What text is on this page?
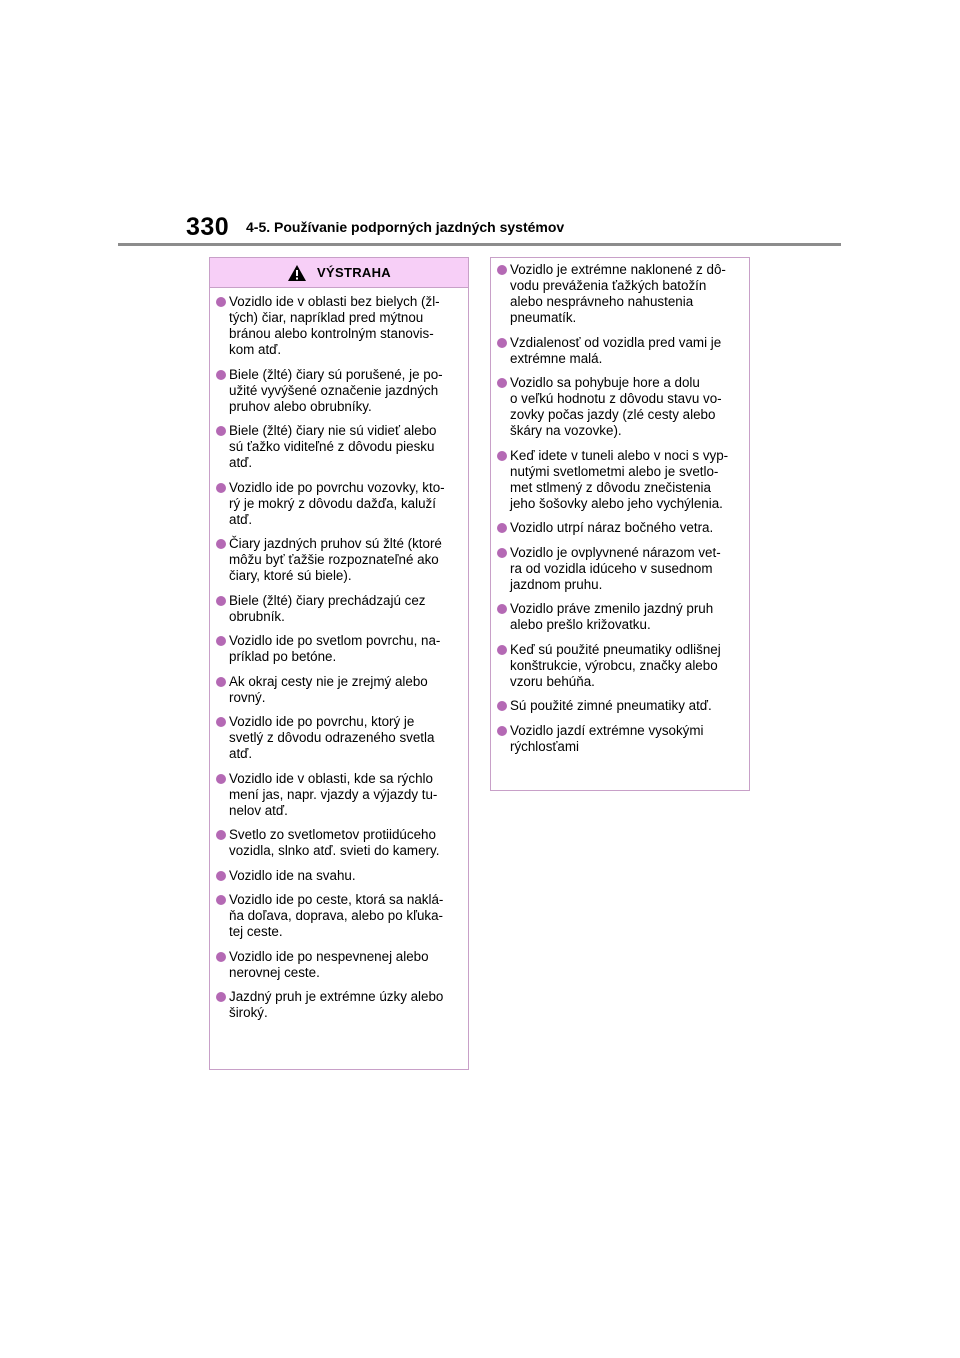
330 4-5. Používanie podporných jazdných systémov
VÝSTRAHA
Vozidlo ide v oblasti bez bielych (žl-
tých) čiar, napríklad pred mýtnou
bránou alebo kontrolným stanovis-
kom atď.
Biele (žlté) čiary sú porušené, je po-
užité vyvýšené označenie jazdných
pruhov alebo obrubníky.
Biele (žlté) čiary nie sú vidieť alebo
sú ťažko viditeľné z dôvodu piesku
atď.
Vozidlo ide po povrchu vozovky, kto-
rý je mokrý z dôvodu dažďa, kaluží
atď.
Čiary jazdných pruhov sú žlté (ktoré
môžu byť ťažšie rozpoznateľné ako
čiary, ktoré sú biele).
Biele (žlté) čiary prechádzajú cez
obrubník.
Vozidlo ide po svetlom povrchu, na-
príklad po betóne.
Ak okraj cesty nie je zrejmý alebo
rovný.
Vozidlo ide po povrchu, ktorý je
svetlý z dôvodu odrazeného svetla
atď.
Vozidlo ide v oblasti, kde sa rýchlo
mení jas, napr. vjazdy a výjazdy tu-
nelov atď.
Svetlo zo svetlometov protiidúceho
vozidla, slnko atď. svieti do kamery.
Vozidlo ide na svahu.
Vozidlo ide po ceste, ktorá sa naklá-
ňa doľava, doprava, alebo po kľuka-
tej ceste.
Vozidlo ide po nespevnenej alebo
nerovnej ceste.
Jazdný pruh je extrémne úzky alebo
široký.
Vozidlo je extrémne naklonené z dô-
vodu preváženia ťažkých batožín
alebo nesprávneho nahustenia
pneumatík.
Vzdialenosť od vozidla pred vami je
extrémne malá.
Vozidlo sa pohybuje hore a dolu
o veľkú hodnotu z dôvodu stavu vo-
zovky počas jazdy (zlé cesty alebo
škáry na vozovke).
Keď idete v tuneli alebo v noci s vyp-
nutými svetlometmi alebo je svetlo-
met stlmený z dôvodu znečistenia
jeho šošovky alebo jeho vychýlenia.
Vozidlo utrpí náraz bočného vetra.
Vozidlo je ovplyvnené nárazom vet-
ra od vozidla idúceho v susednom
jazdnom pruhu.
Vozidlo práve zmenilo jazdný pruh
alebo prešlo križovatku.
Keď sú použité pneumatiky odlišnej
konštrukcie, výrobcu, značky alebo
vzoru behúňa.
Sú použité zimné pneumatiky atď.
Vozidlo jazdí extrémne vysokými
rýchlosťami
